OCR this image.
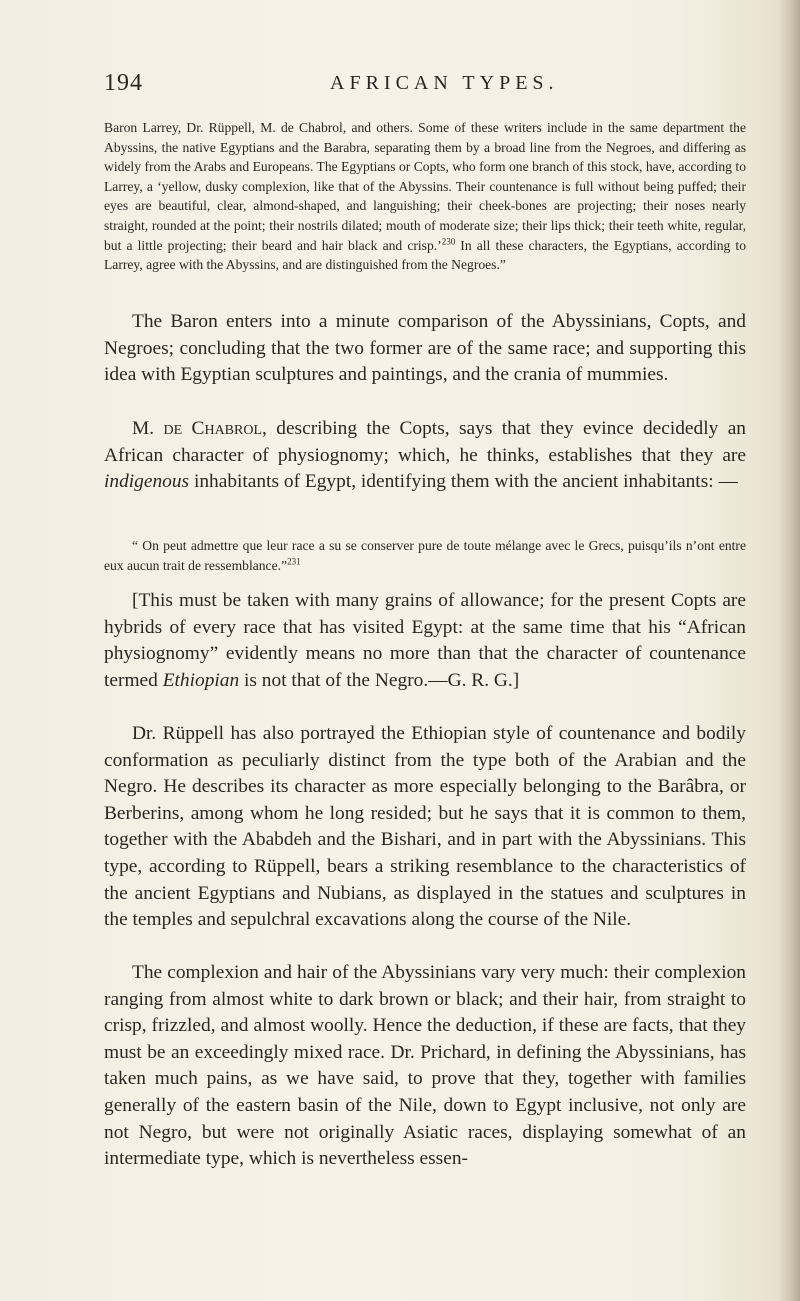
194	AFRICAN TYPES.

Baron Larrey, Dr. Rüppell, M. de Chabrol, and others. Some of these writers include in the same department the Abyssins, the native Egyptians and the Barabra, separating them by a broad line from the Negroes, and differing as widely from the Arabs and Europeans. The Egyptians or Copts, who form one branch of this stock, have, according to Larrey, a ‘yellow, dusky complexion, like that of the Abyssins. Their countenance is full without being puffed; their eyes are beautiful, clear, almond-shaped, and languishing; their cheek-bones are projecting; their noses nearly straight, rounded at the point; their nostrils dilated; mouth of moderate size; their lips thick; their teeth white, regular, but a little projecting; their beard and hair black and crisp.’$^{230}$ In all these characters, the Egyptians, according to Larrey, agree with the Abyssins, and are distinguished from the Negroes.”

The Baron enters into a minute comparison of the Abyssinians, Copts, and Negroes; concluding that the two former are of the same race; and supporting this idea with Egyptian sculptures and paintings, and the crania of mummies.

M. de Chabrol, describing the Copts, says that they evince decidedly an African character of physiognomy; which, he thinks, establishes that they are indigenous inhabitants of Egypt, identifying them with the ancient inhabitants: —

“ On peut admettre que leur race a su se conserver pure de toute mélange avec le Grecs, puisqu’ils n’ont entre eux aucun trait de ressemblance.”$^{231}$

[This must be taken with many grains of allowance; for the present Copts are hybrids of every race that has visited Egypt: at the same time that his “African physiognomy” evidently means no more than that the character of countenance termed Ethiopian is not that of the Negro.—G. R. G.]

Dr. Rüppell has also portrayed the Ethiopian style of countenance and bodily conformation as peculiarly distinct from the type both of the Arabian and the Negro. He describes its character as more especially belonging to the Barâbra, or Berberins, among whom he long resided; but he says that it is common to them, together with the Ababdeh and the Bishari, and in part with the Abyssinians. This type, according to Rüppell, bears a striking resemblance to the characteristics of the ancient Egyptians and Nubians, as displayed in the statues and sculptures in the temples and sepulchral excavations along the course of the Nile.

The complexion and hair of the Abyssinians vary very much: their complexion ranging from almost white to dark brown or black; and their hair, from straight to crisp, frizzled, and almost woolly. Hence the deduction, if these are facts, that they must be an exceedingly mixed race. Dr. Prichard, in defining the Abyssinians, has taken much pains, as we have said, to prove that they, together with families generally of the eastern basin of the Nile, down to Egypt inclusive, not only are not Negro, but were not originally Asiatic races, displaying somewhat of an intermediate type, which is nevertheless essen-
